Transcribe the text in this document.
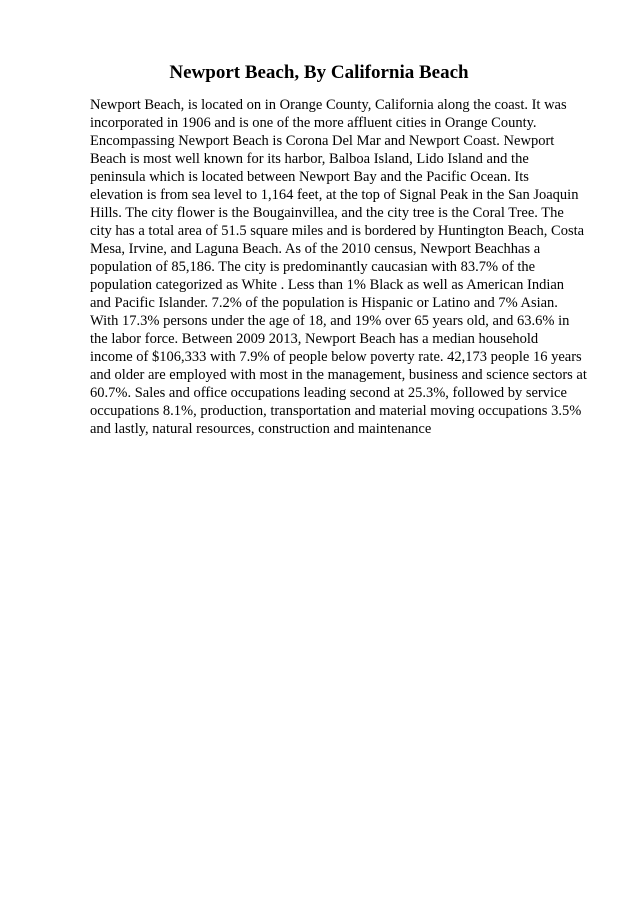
Newport Beach, By California Beach
Newport Beach, is located on in Orange County, California along the coast. It was
incorporated in 1906 and is one of the more affluent cities in Orange County.
Encompassing Newport Beach is Corona Del Mar and Newport Coast. Newport
Beach is most well known for its harbor, Balboa Island, Lido Island and the
peninsula which is located between Newport Bay and the Pacific Ocean. Its
elevation is from sea level to 1,164 feet, at the top of Signal Peak in the San Joaquin
Hills. The city flower is the Bougainvillea, and the city tree is the Coral Tree. The
city has a total area of 51.5 square miles and is bordered by Huntington Beach, Costa
Mesa, Irvine, and Laguna Beach. As of the 2010 census, Newport Beachhas a
population of 85,186. The city is predominantly caucasian with 83.7% of the
population categorized as White . Less than 1% Black as well as American Indian
and Pacific Islander. 7.2% of the population is Hispanic or Latino and 7% Asian.
With 17.3% persons under the age of 18, and 19% over 65 years old, and 63.6% in
the labor force. Between 2009 2013, Newport Beach has a median household
income of $106,333 with 7.9% of people below poverty rate. 42,173 people 16 years
and older are employed with most in the management, business and science sectors at
60.7%. Sales and office occupations leading second at 25.3%, followed by service
occupations 8.1%, production, transportation and material moving occupations 3.5%
and lastly, natural resources, construction and maintenance
